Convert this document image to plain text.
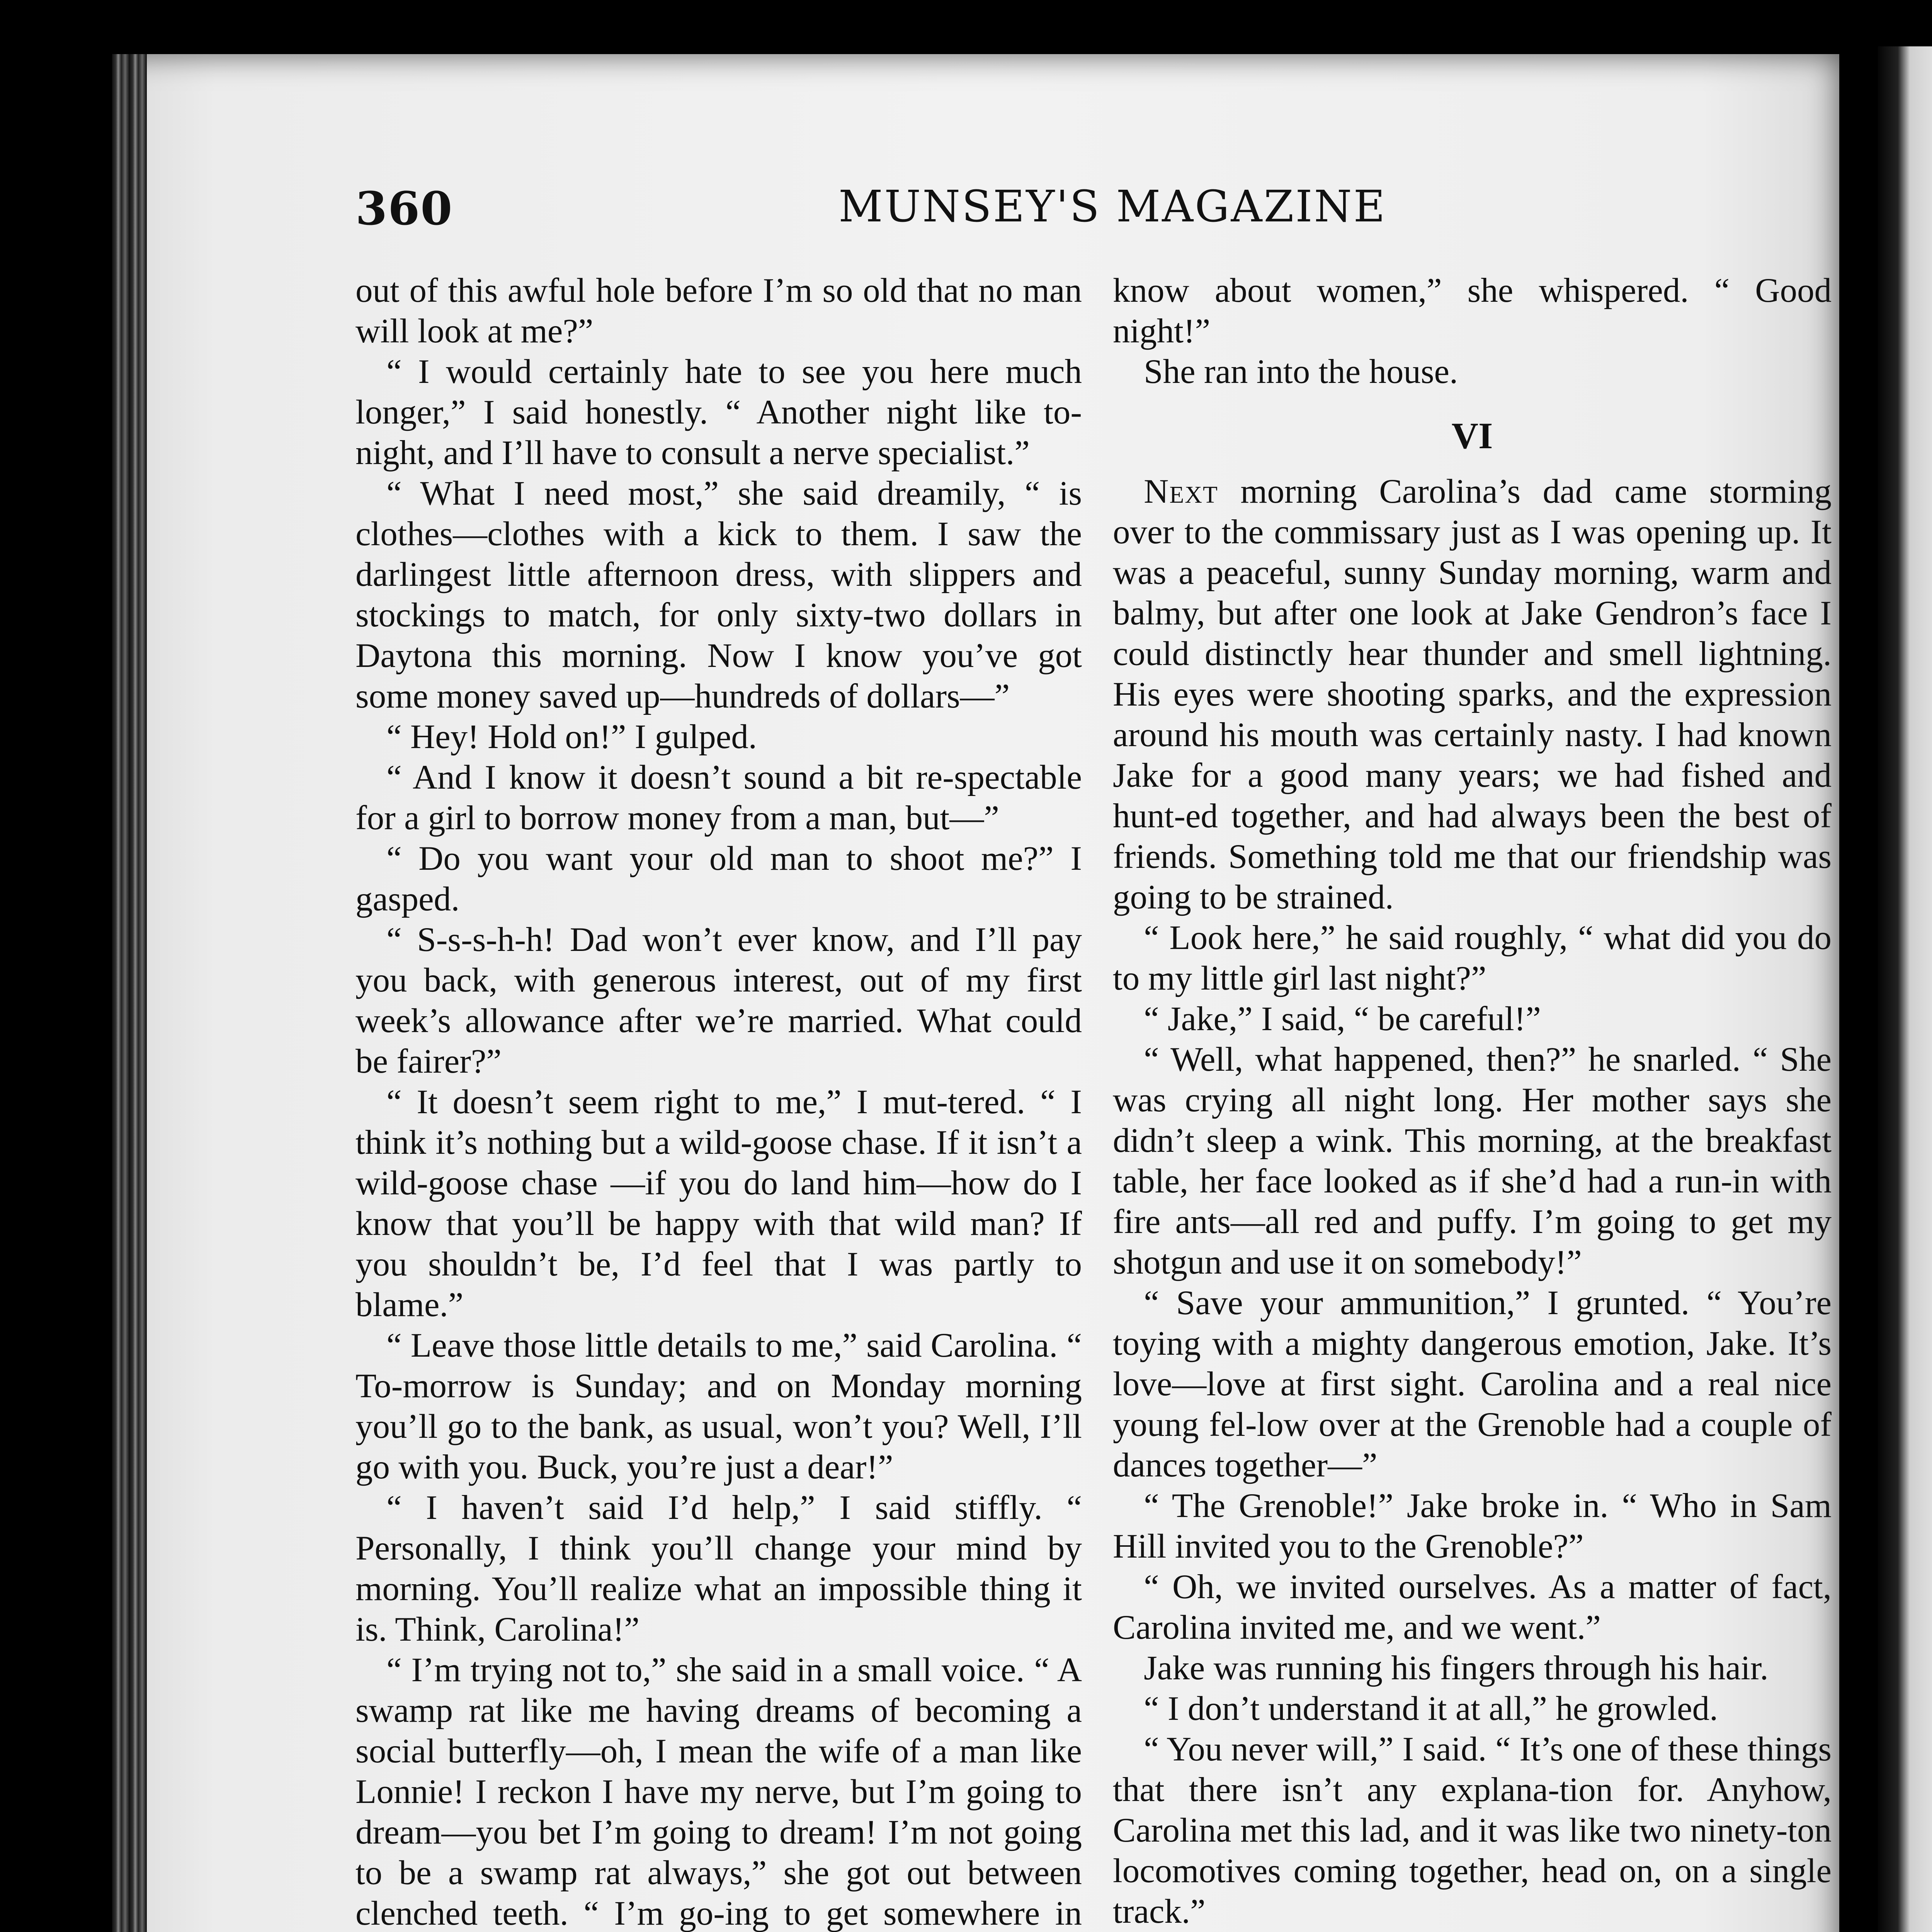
360	MUNSEY'S MAGAZINE

out of this awful hole before I’m so old that no man will look at me?”

“ I would certainly hate to see you here much longer,” I said honestly. “ Another night like to-night, and I’ll have to consult a nerve specialist.”

“ What I need most,” she said dreamily, “ is clothes—clothes with a kick to them. I saw the darlingest little afternoon dress, with slippers and stockings to match, for only sixty-two dollars in Daytona this morning. Now I know you’ve got some money saved up—hundreds of dollars—”

“ Hey! Hold on!” I gulped.

“ And I know it doesn’t sound a bit re-spectable for a girl to borrow money from a man, but—”

“ Do you want your old man to shoot me?” I gasped.

“ S-s-s-h-h! Dad won’t ever know, and I’ll pay you back, with generous interest, out of my first week’s allowance after we’re married. What could be fairer?”

“ It doesn’t seem right to me,” I mut-tered. “ I think it’s nothing but a wild-goose chase. If it isn’t a wild-goose chase —if you do land him—how do I know that you’ll be happy with that wild man? If you shouldn’t be, I’d feel that I was partly to blame.”

“ Leave those little details to me,” said Carolina. “ To-morrow is Sunday; and on Monday morning you’ll go to the bank, as usual, won’t you? Well, I’ll go with you. Buck, you’re just a dear!”

“ I haven’t said I’d help,” I said stiffly. “ Personally, I think you’ll change your mind by morning. You’ll realize what an impossible thing it is. Think, Carolina!”

“ I’m trying not to,” she said in a small voice. “ A swamp rat like me having dreams of becoming a social butterfly—oh, I mean the wife of a man like Lonnie! I reckon I have my nerve, but I’m going to dream—you bet I’m going to dream! I’m not going to be a swamp rat always,” she got out between clenched teeth. “ I’m go-ing to get somewhere in

know about women,” she whispered. “ Good night!”

She ran into the house.

VI

Next morning Carolina’s dad came storming over to the commissary just as I was opening up. It was a peaceful, sunny Sunday morning, warm and balmy, but after one look at Jake Gendron’s face I could distinctly hear thunder and smell lightning. His eyes were shooting sparks, and the expression around his mouth was certainly nasty. I had known Jake for a good many years; we had fished and hunt-ed together, and had always been the best of friends. Something told me that our friendship was going to be strained.

“ Look here,” he said roughly, “ what did you do to my little girl last night?”

“ Jake,” I said, “ be careful!”

“ Well, what happened, then?” he snarled. “ She was crying all night long. Her mother says she didn’t sleep a wink. This morning, at the breakfast table, her face looked as if she’d had a run-in with fire ants—all red and puffy. I’m going to get my shotgun and use it on somebody!”

“ Save your ammunition,” I grunted. “ You’re toying with a mighty dangerous emotion, Jake. It’s love—love at first sight. Carolina and a real nice young fel-low over at the Grenoble had a couple of dances together—”

“ The Grenoble!” Jake broke in. “ Who in Sam Hill invited you to the Grenoble?”

“ Oh, we invited ourselves. As a matter of fact, Carolina invited me, and we went.”

Jake was running his fingers through his hair.

“ I don’t understand it at all,” he growled.

“ You never will,” I said. “ It’s one of these things that there isn’t any explana-tion for. Anyhow, Carolina met this lad, and it was like two ninety-ton locomotives coming together, head on, on a single track.”
